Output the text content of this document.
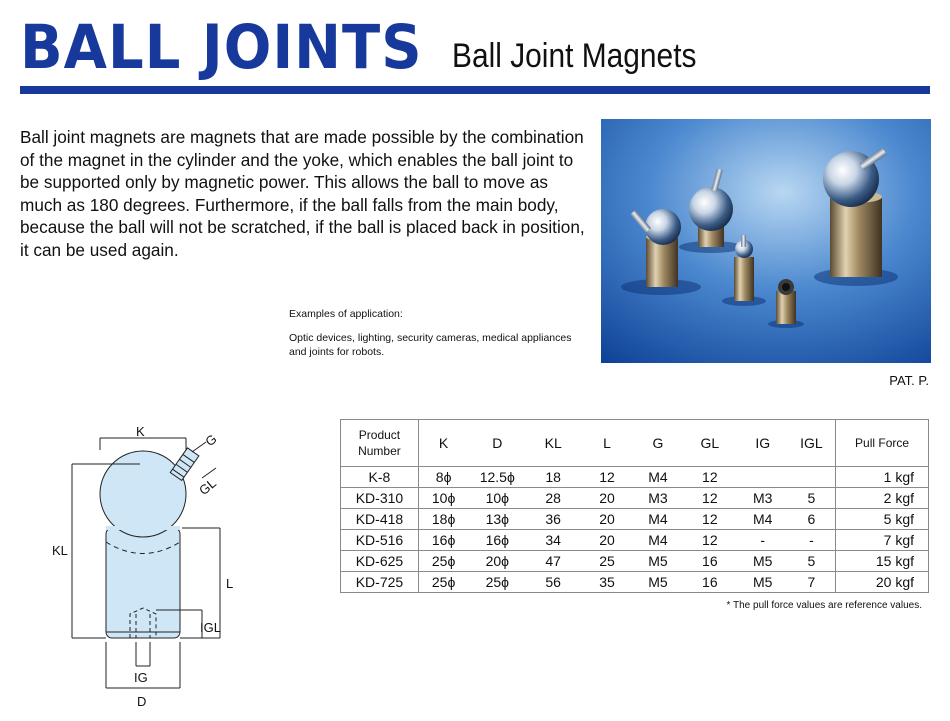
BALL JOINTS Ball Joint Magnets

Ball joint magnets are magnets that are made possible by the combination of the magnet in the cylinder and the yoke, which enables the ball joint to be supported only by magnetic power. This allows the ball to move as much as 180 degrees. Furthermore, if the ball falls from the main body, because the ball will not be scratched, if the ball is placed back in position, it can be used again.

Examples of application:
Optic devices, lighting, security cameras, medical appliances and joints for robots.
PAT. P.
K	G
GL
KL
L
IGL
IG
D
Product Number	K	D	KL	L	G	GL	IG	IGL	Pull Force
K-8	8ϕ	12.5ϕ	18	12	M4	12			1 kgf
KD-310	10ϕ	10ϕ	28	20	M3	12	M3	5	2 kgf
KD-418	18ϕ	13ϕ	36	20	M4	12	M4	6	5 kgf
KD-516	16ϕ	16ϕ	34	20	M4	12	-	-	7 kgf
KD-625	25ϕ	20ϕ	47	25	M5	16	M5	5	15 kgf
KD-725	25ϕ	25ϕ	56	35	M5	16	M5	7	20 kgf
* The pull force values are reference values.
